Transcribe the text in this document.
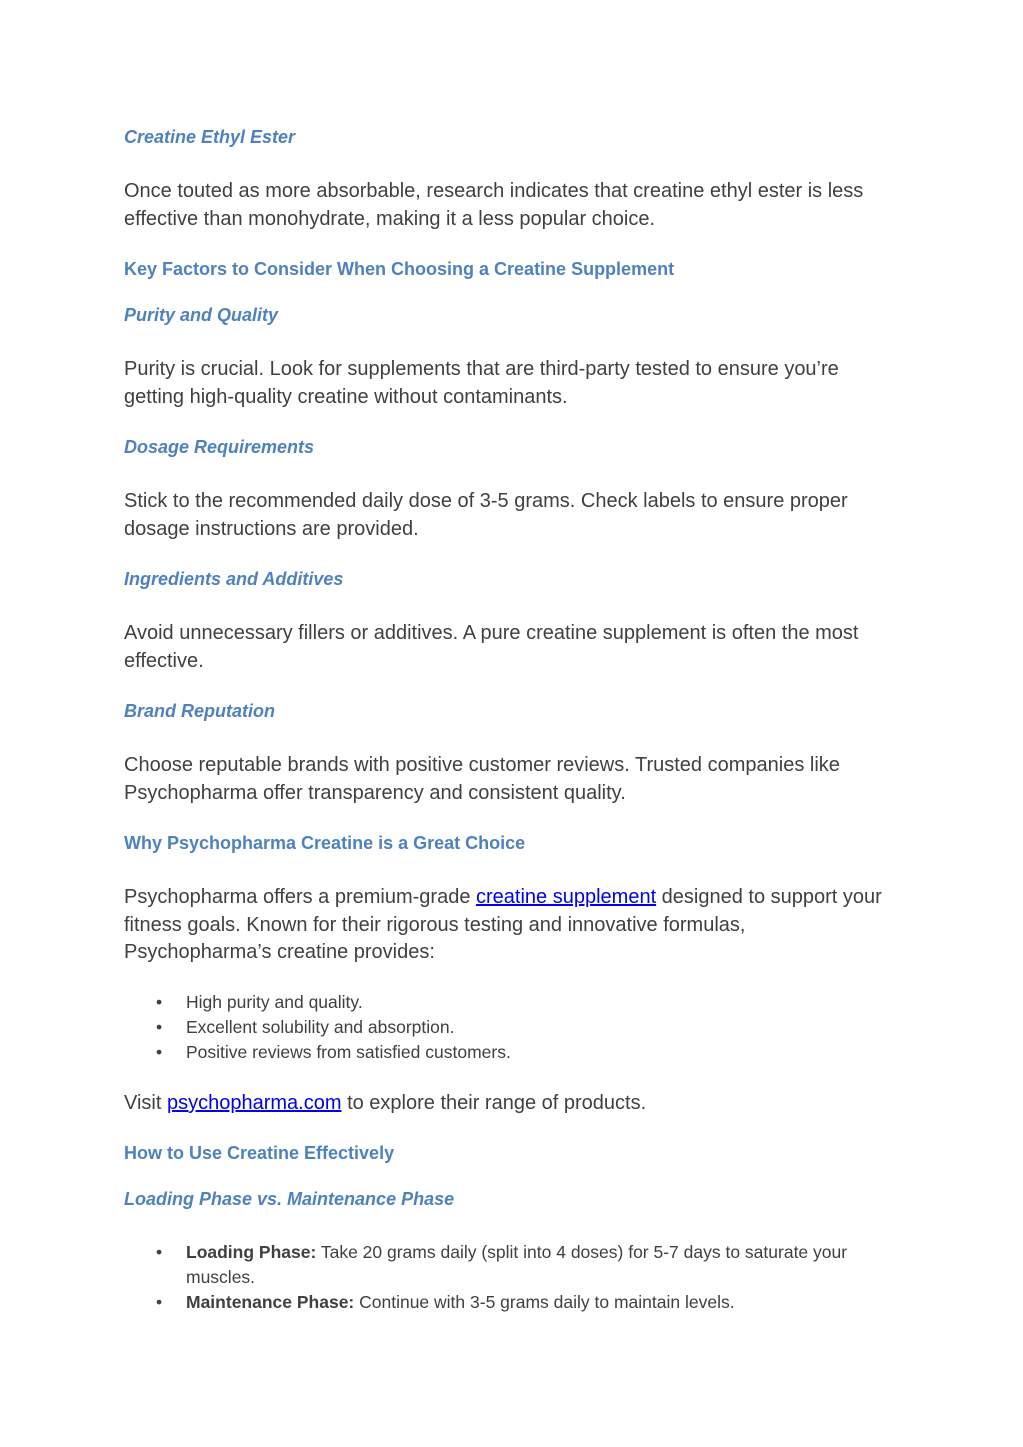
Creatine Ethyl Ester

Once touted as more absorbable, research indicates that creatine ethyl ester is less effective than monohydrate, making it a less popular choice.

Key Factors to Consider When Choosing a Creatine Supplement
Purity and Quality

Purity is crucial. Look for supplements that are third-party tested to ensure you’re getting high-quality creatine without contaminants.

Dosage Requirements

Stick to the recommended daily dose of 3-5 grams. Check labels to ensure proper dosage instructions are provided.

Ingredients and Additives

Avoid unnecessary fillers or additives. A pure creatine supplement is often the most effective.

Brand Reputation

Choose reputable brands with positive customer reviews. Trusted companies like Psychopharma offer transparency and consistent quality.

Why Psychopharma Creatine is a Great Choice

Psychopharma offers a premium-grade creatine supplement designed to support your fitness goals. Known for their rigorous testing and innovative formulas, Psychopharma’s creatine provides:

• High purity and quality.
• Excellent solubility and absorption.
• Positive reviews from satisfied customers.

Visit psychopharma.com to explore their range of products.

How to Use Creatine Effectively
Loading Phase vs. Maintenance Phase
• Loading Phase: Take 20 grams daily (split into 4 doses) for 5-7 days to saturate your muscles.
• Maintenance Phase: Continue with 3-5 grams daily to maintain levels.
